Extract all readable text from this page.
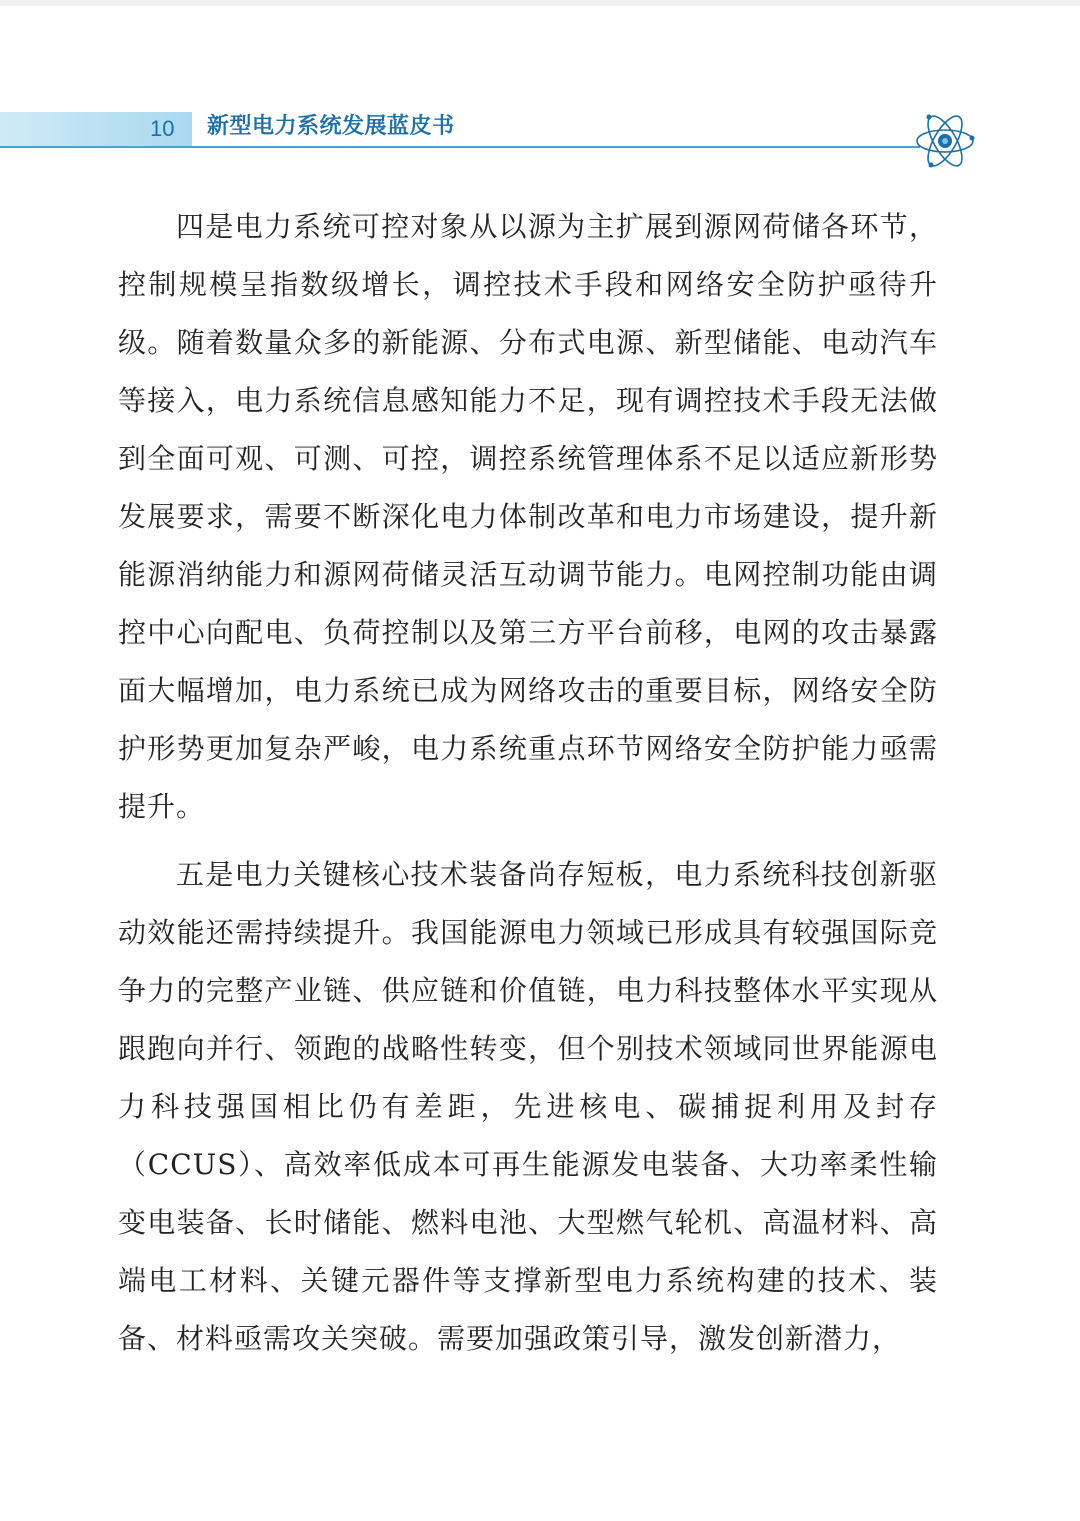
10	新型电力系统发展蓝皮书

四是电力系统可控对象从以源为主扩展到源网荷储各环节，控制规模呈指数级增长，调控技术手段和网络安全防护亟待升级。随着数量众多的新能源、分布式电源、新型储能、电动汽车等接入，电力系统信息感知能力不足，现有调控技术手段无法做到全面可观、可测、可控，调控系统管理体系不足以适应新形势发展要求，需要不断深化电力体制改革和电力市场建设，提升新能源消纳能力和源网荷储灵活互动调节能力。电网控制功能由调控中心向配电、负荷控制以及第三方平台前移，电网的攻击暴露面大幅增加，电力系统已成为网络攻击的重要目标，网络安全防护形势更加复杂严峻，电力系统重点环节网络安全防护能力亟需提升。

五是电力关键核心技术装备尚存短板，电力系统科技创新驱动效能还需持续提升。我国能源电力领域已形成具有较强国际竞争力的完整产业链、供应链和价值链，电力科技整体水平实现从跟跑向并行、领跑的战略性转变，但个别技术领域同世界能源电力科技强国相比仍有差距，先进核电、碳捕捉利用及封存（CCUS）、高效率低成本可再生能源发电装备、大功率柔性输变电装备、长时储能、燃料电池、大型燃气轮机、高温材料、高端电工材料、关键元器件等支撑新型电力系统构建的技术、装备、材料亟需攻关突破。需要加强政策引导，激发创新潜力，
